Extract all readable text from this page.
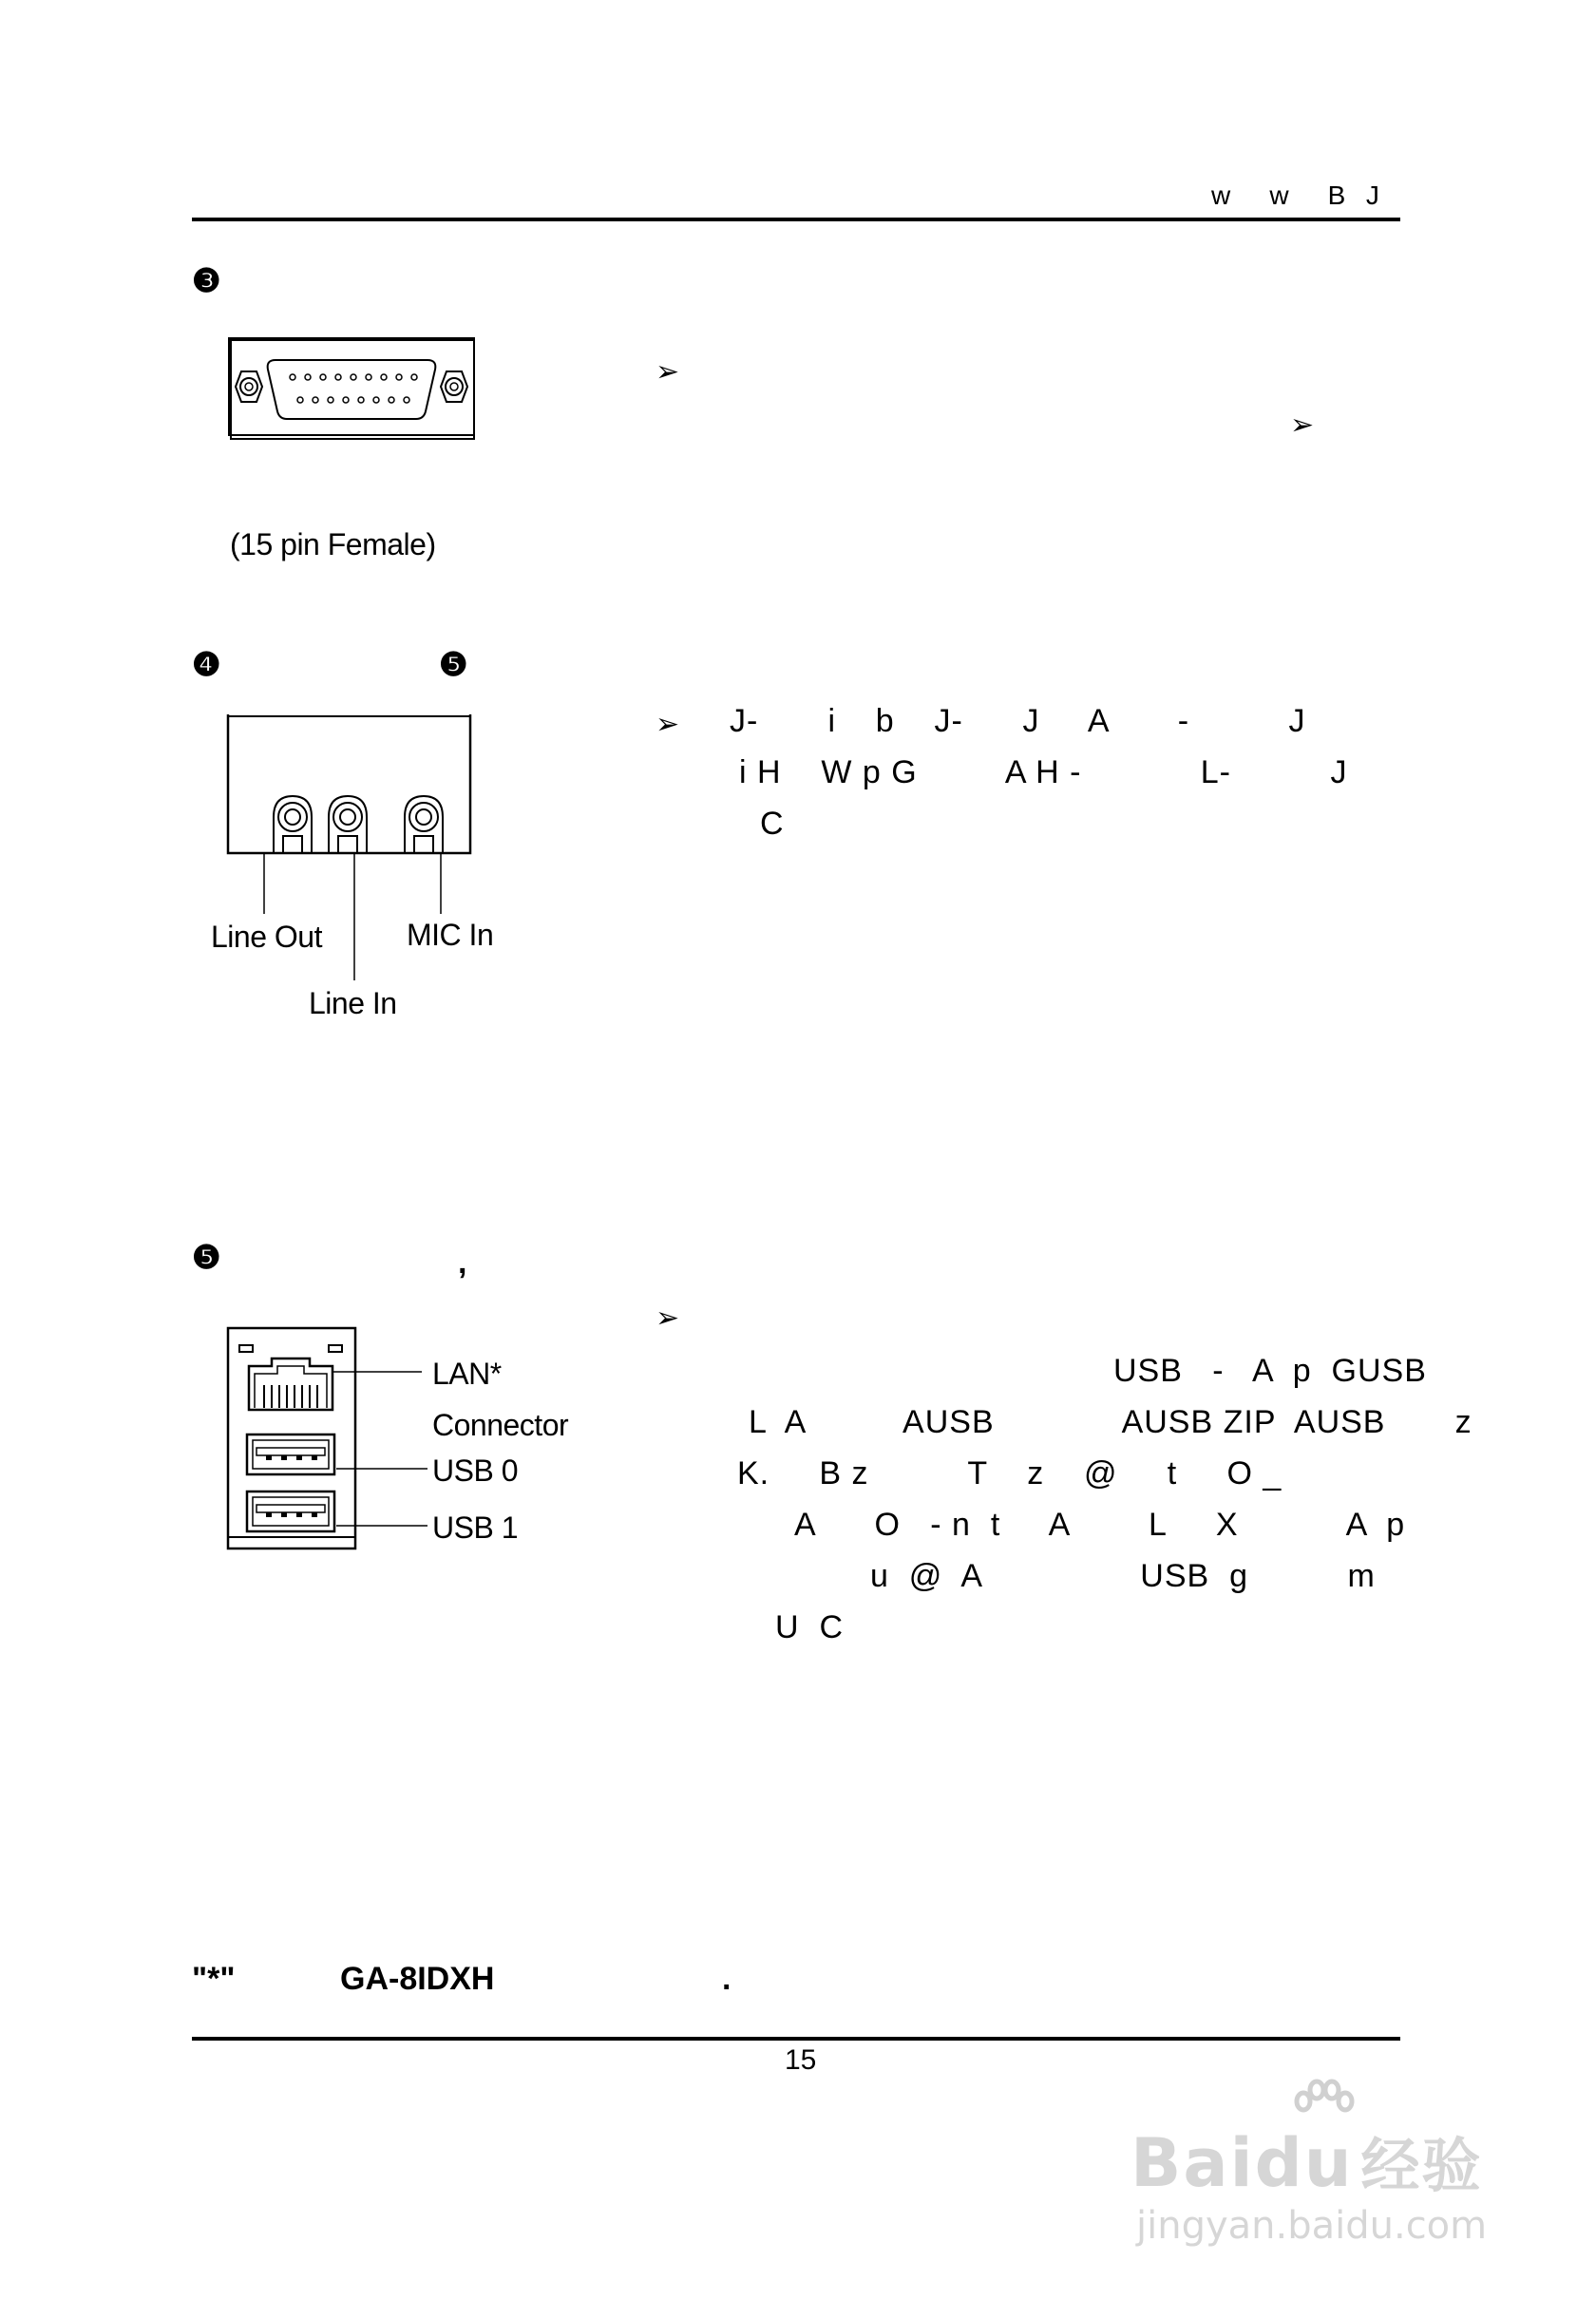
w    w    B  J
❸
(15 pin Female)
➢
➢
❹	❺
Line Out	MIC In
Line In
➢ J-       i    b    J-      J     A       -          J
i H    W p G         A H -            L-          J
C
❺	,
LAN*
Connector
USB 0
USB 1
➢
USB   -   A  p  GUSB
L  A          AUSB             AUSB ZIP  AUSB       z
K.     B z          T    z    @     t     O _
A      O   - n  t     A        L     X           A  p
u  @  A                USB  g          m
U  C
"*"	GA-8IDXH	.
15
Baidu 经验
jingyan.baidu.com
